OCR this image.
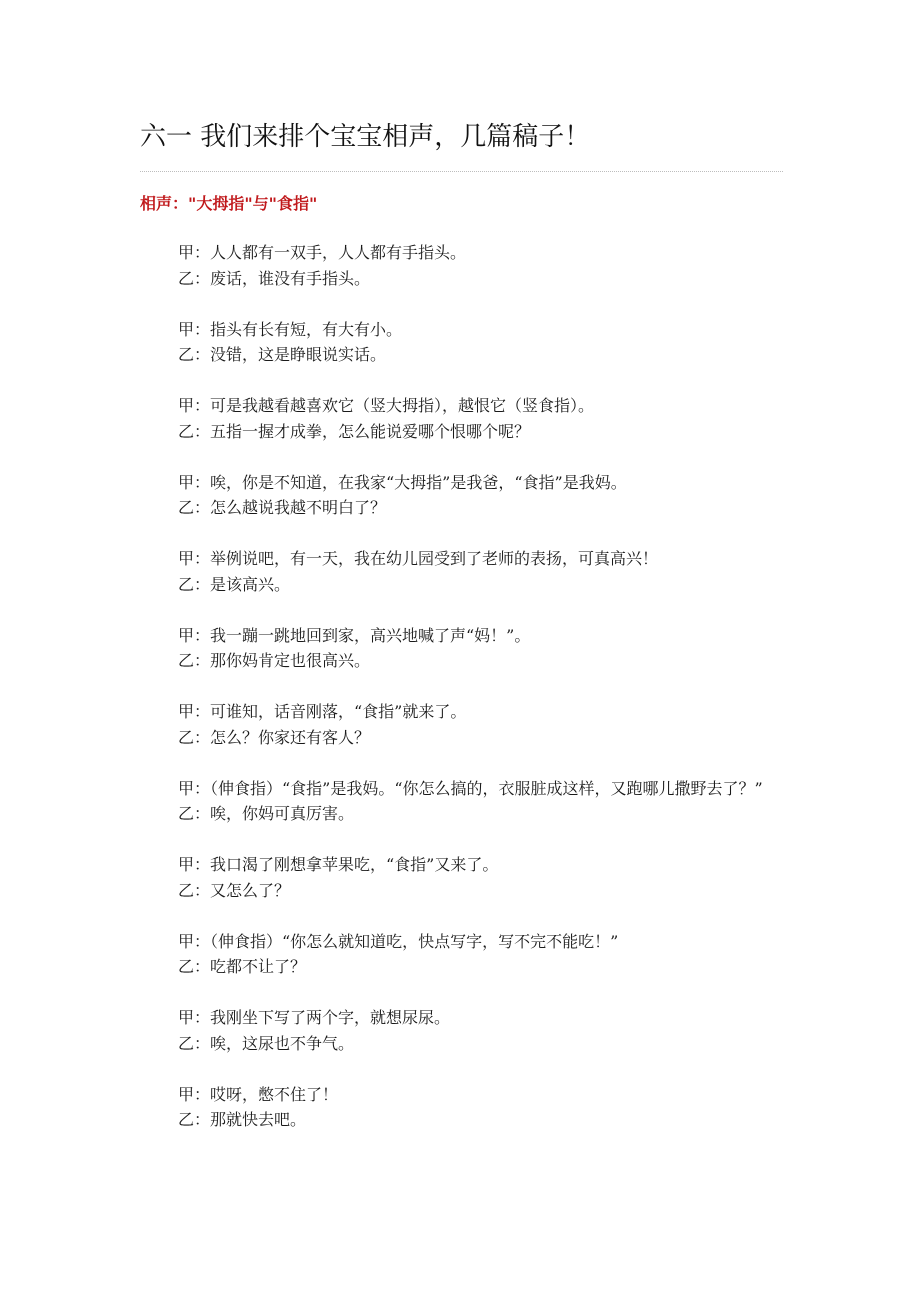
六一 我们来排个宝宝相声，几篇稿子！
相声："大拇指"与"食指"

甲：人人都有一双手，人人都有手指头。

乙：废话，谁没有手指头。

甲：指头有长有短，有大有小。

乙：没错，这是睁眼说实话。

甲：可是我越看越喜欢它（竖大拇指），越恨它（竖食指）。

乙：五指一握才成拳，怎么能说爱哪个恨哪个呢？

甲：唉，你是不知道，在我家“大拇指”是我爸，“食指”是我妈。

乙：怎么越说我越不明白了？

甲：举例说吧，有一天，我在幼儿园受到了老师的表扬，可真高兴！

乙：是该高兴。

甲：我一蹦一跳地回到家，高兴地喊了声“妈！”。

乙：那你妈肯定也很高兴。

甲：可谁知，话音刚落，“食指”就来了。

乙：怎么？你家还有客人？

甲：（伸食指）“食指”是我妈。“你怎么搞的，衣服脏成这样，又跑哪儿撒野去了？”

乙：唉，你妈可真厉害。

甲：我口渴了刚想拿苹果吃，“食指”又来了。

乙：又怎么了？

甲：（伸食指）“你怎么就知道吃，快点写字，写不完不能吃！”

乙：吃都不让了？

甲：我刚坐下写了两个字，就想尿尿。

乙：唉，这尿也不争气。

甲：哎呀，憋不住了！

乙：那就快去吧。
